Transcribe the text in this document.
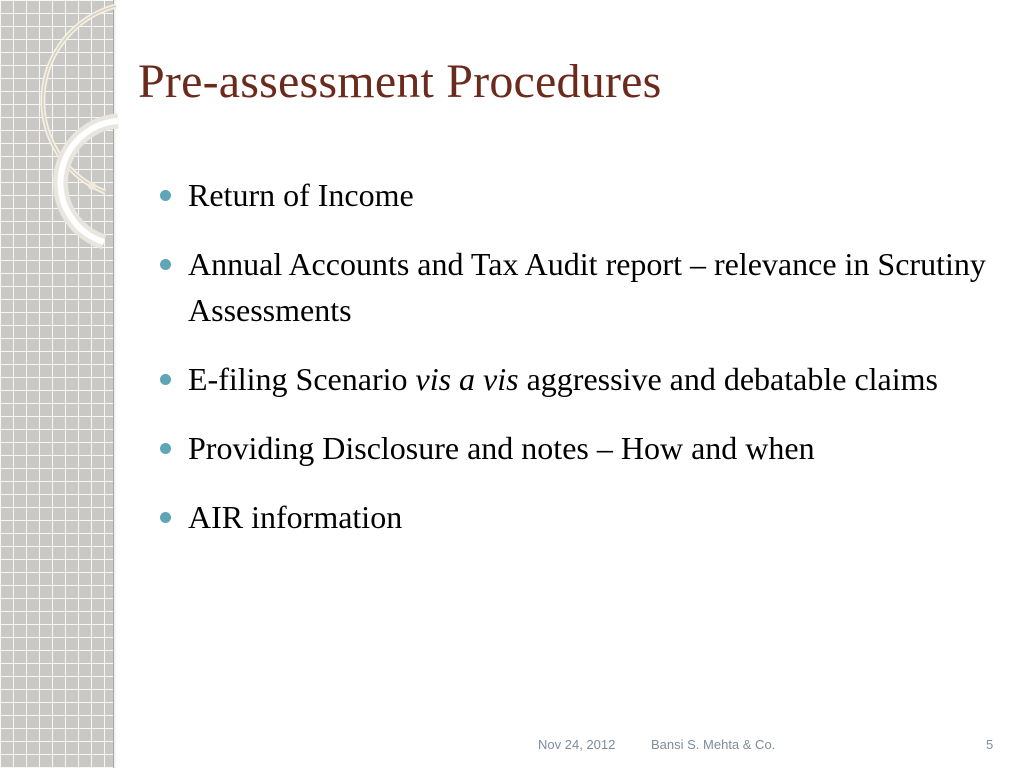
Pre-assessment Procedures
Return of Income
Annual Accounts and Tax Audit report – relevance in Scrutiny Assessments
E-filing Scenario vis a vis aggressive and debatable claims
Providing Disclosure and notes – How and when
AIR information
Nov 24, 2012	Bansi S. Mehta & Co.	5
